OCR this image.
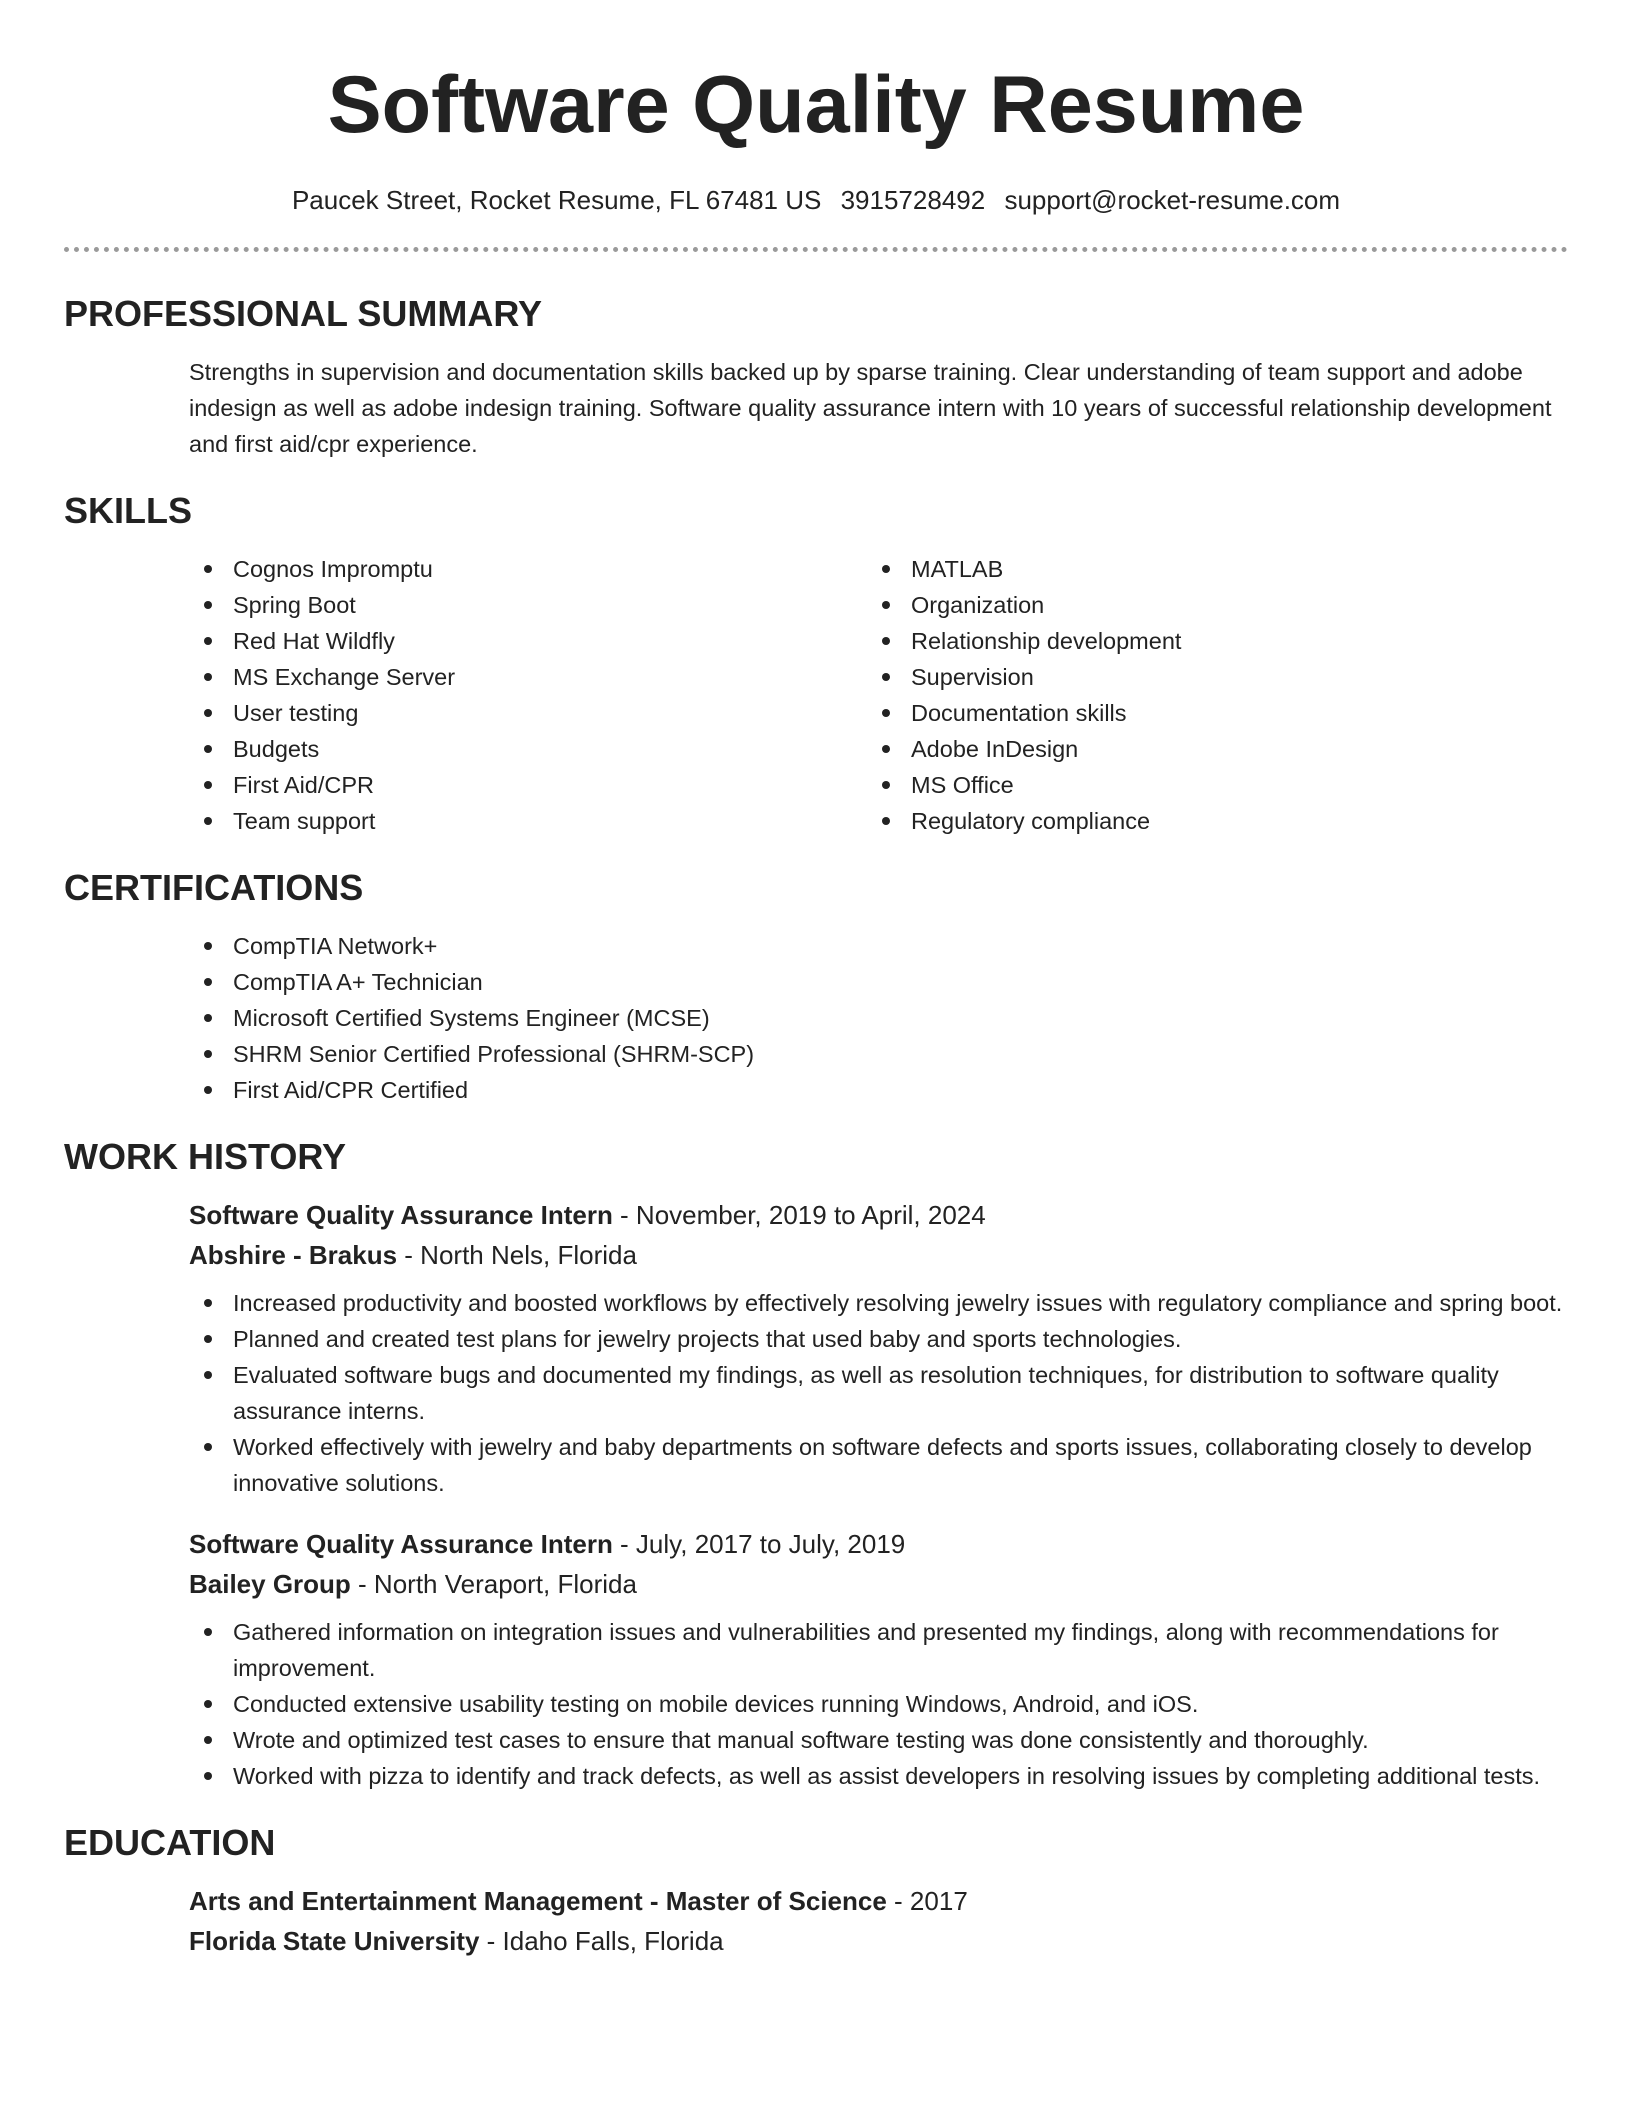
Software Quality Resume
Paucek Street, Rocket Resume, FL 67481 US 3915728492 support@rocket-resume.com
PROFESSIONAL SUMMARY

Strengths in supervision and documentation skills backed up by sparse training. Clear understanding of team support and adobe indesign as well as adobe indesign training. Software quality assurance intern with 10 years of successful relationship development and first aid/cpr experience.

SKILLS
Cognos Impromptu
Spring Boot
Red Hat Wildfly
MS Exchange Server
User testing
Budgets
First Aid/CPR
Team support
MATLAB
Organization
Relationship development
Supervision
Documentation skills
Adobe InDesign
MS Office
Regulatory compliance
CERTIFICATIONS
CompTIA Network+
CompTIA A+ Technician
Microsoft Certified Systems Engineer (MCSE)
SHRM Senior Certified Professional (SHRM-SCP)
First Aid/CPR Certified
WORK HISTORY
Software Quality Assurance Intern - November, 2019 to April, 2024
Abshire - Brakus - North Nels, Florida
Increased productivity and boosted workflows by effectively resolving jewelry issues with regulatory compliance and spring boot.
Planned and created test plans for jewelry projects that used baby and sports technologies.
Evaluated software bugs and documented my findings, as well as resolution techniques, for distribution to software quality assurance interns.
Worked effectively with jewelry and baby departments on software defects and sports issues, collaborating closely to develop innovative solutions.
Software Quality Assurance Intern - July, 2017 to July, 2019
Bailey Group - North Veraport, Florida
Gathered information on integration issues and vulnerabilities and presented my findings, along with recommendations for improvement.
Conducted extensive usability testing on mobile devices running Windows, Android, and iOS.
Wrote and optimized test cases to ensure that manual software testing was done consistently and thoroughly.
Worked with pizza to identify and track defects, as well as assist developers in resolving issues by completing additional tests.
EDUCATION
Arts and Entertainment Management - Master of Science - 2017
Florida State University - Idaho Falls, Florida
